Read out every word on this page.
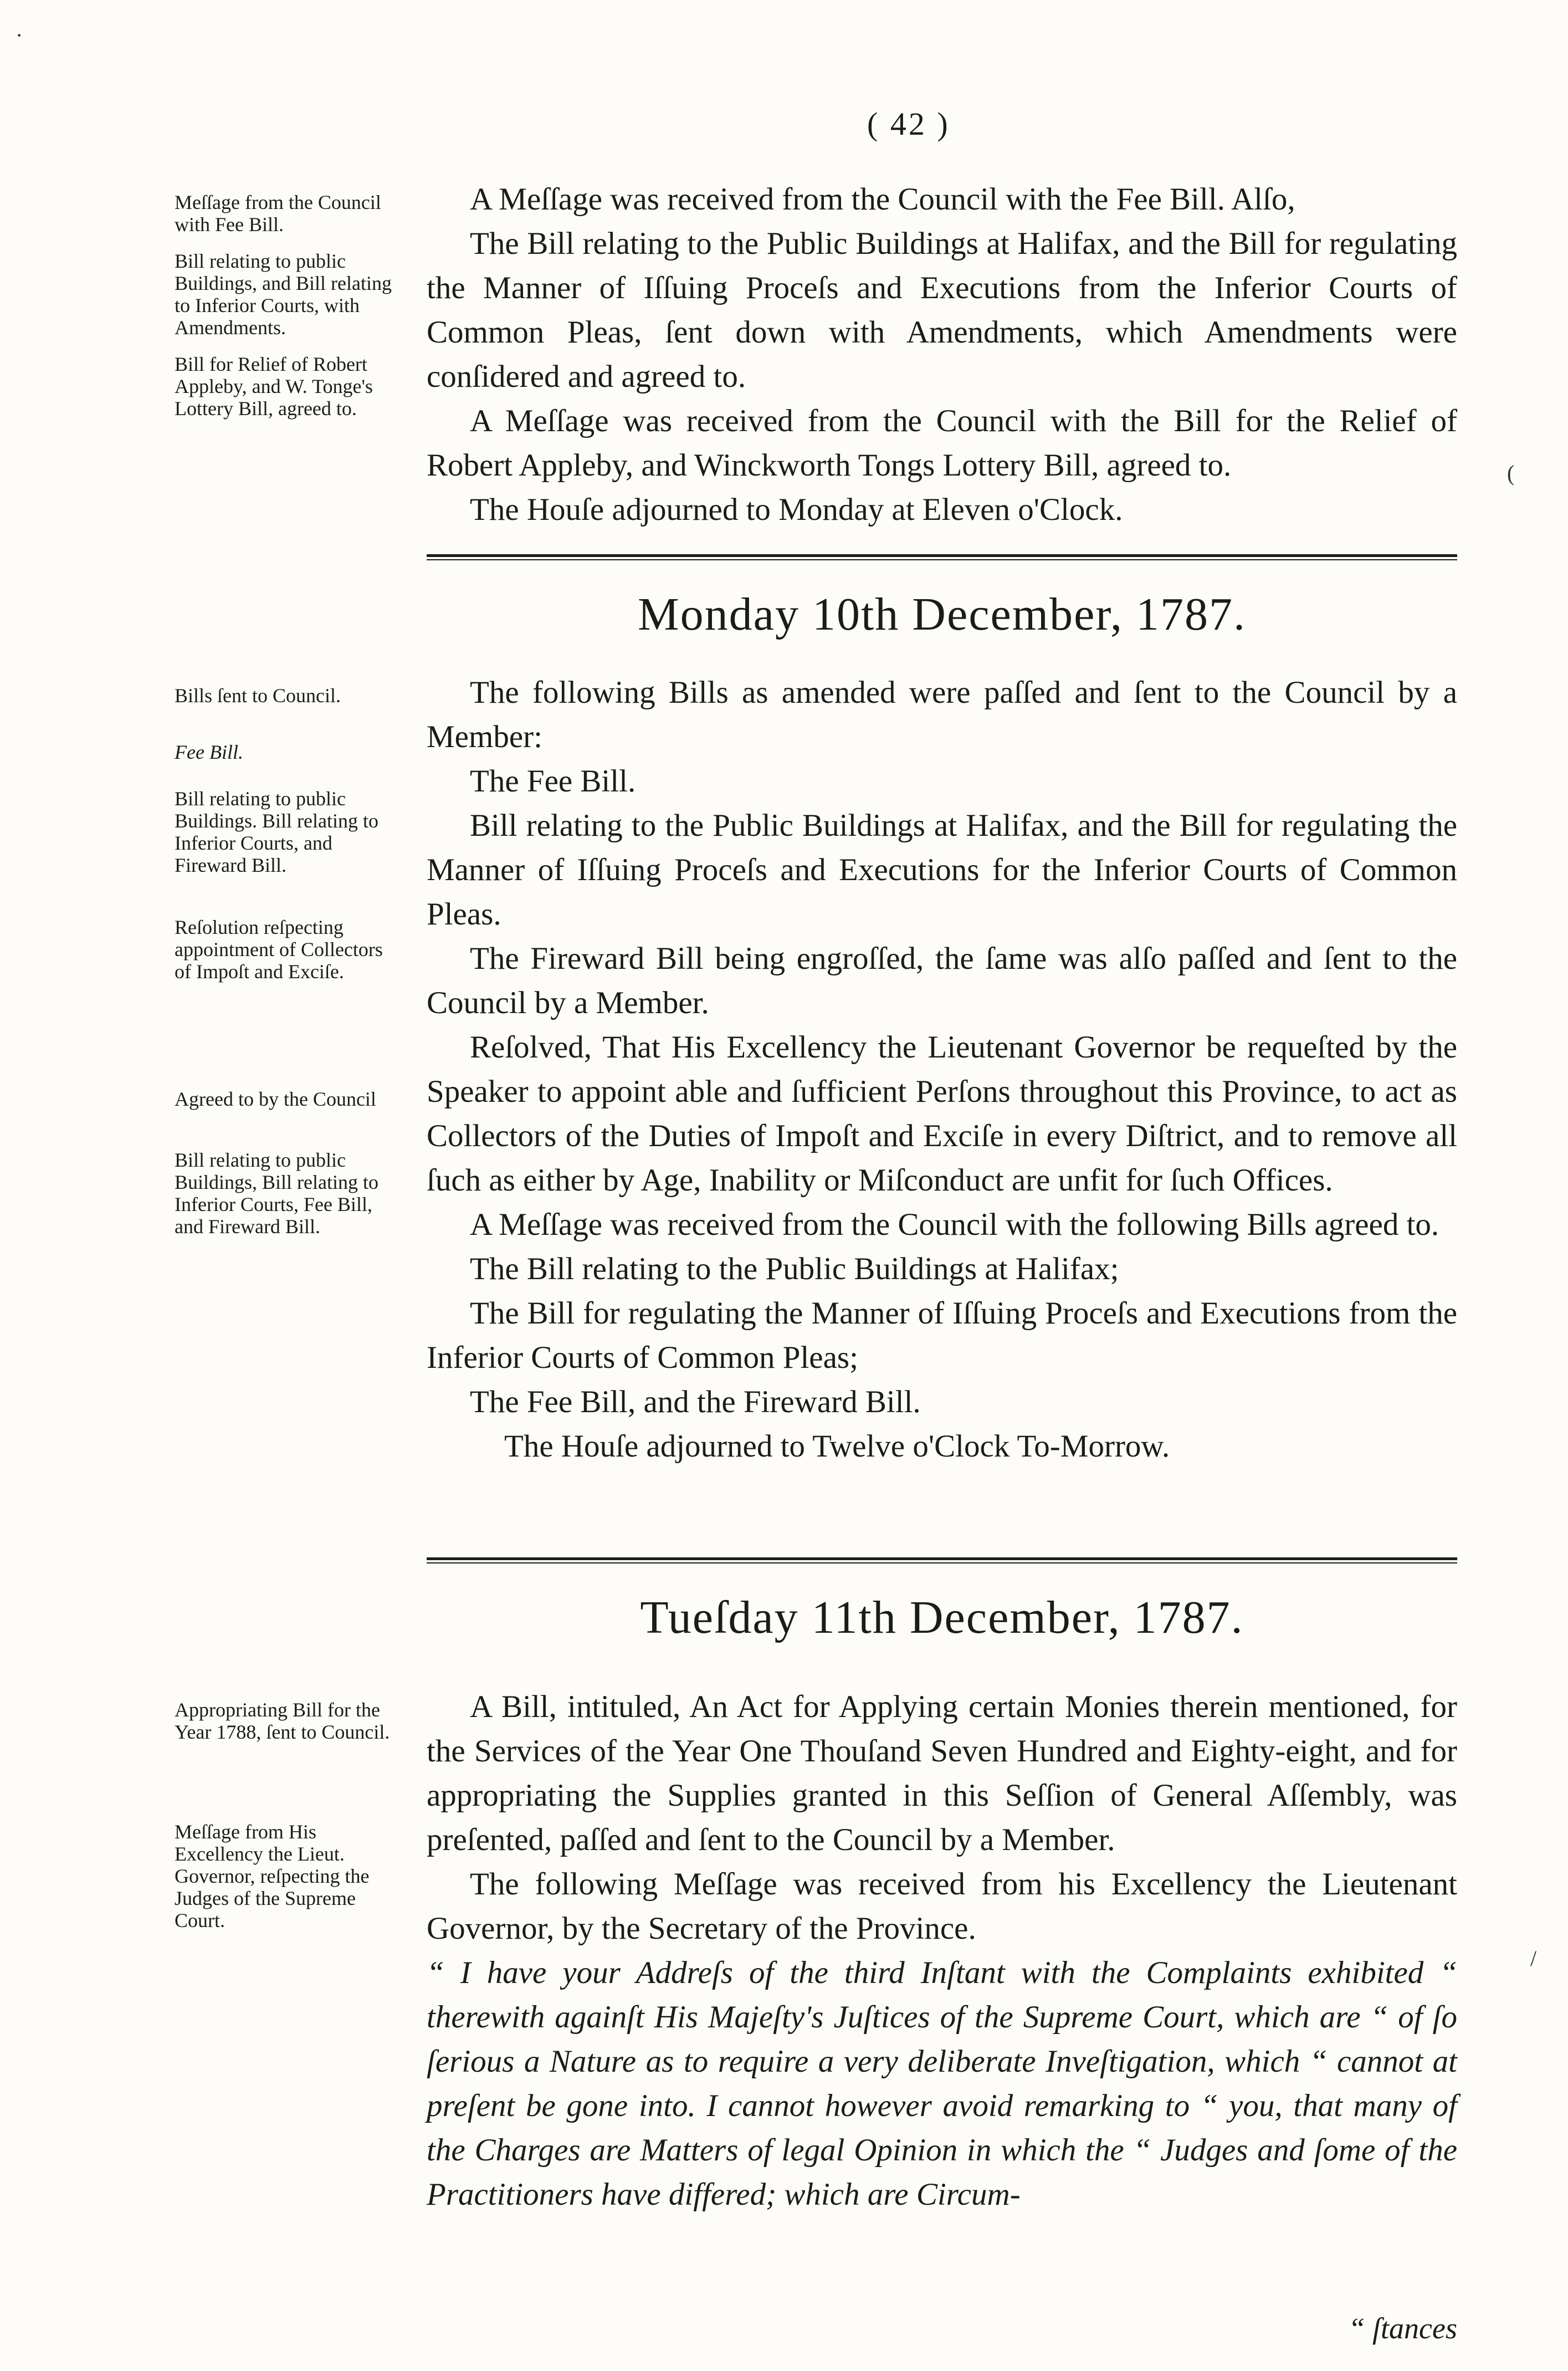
( 42 )

Meſſage from the Council with Fee Bill.

Bill relating to public Buildings, and Bill relating to Inferior Courts, with Amendments.

Bill for Relief of Robert Appleby, and W. Tonge's Lottery Bill, agreed to.

A Meſſage was received from the Council with the Fee Bill. Alſo,

The Bill relating to the Public Buildings at Halifax, and the Bill for regulating the Manner of Iſſuing Proceſs and Executions from the Inferior Courts of Common Pleas, ſent down with Amendments, which Amendments were conſidered and agreed to.

A Meſſage was received from the Council with the Bill for the Relief of Robert Appleby, and Winckworth Tongs Lottery Bill, agreed to.

The Houſe adjourned to Monday at Eleven o'Clock.

Monday 10th December, 1787.

Bills ſent to Council.

Fee Bill.

Bill relating to public Buildings. Bill relating to Inferior Courts, and Fireward Bill.

Reſolution reſpecting appointment of Collectors of Impoſt and Exciſe.

Agreed to by the Council

Bill relating to public Buildings, Bill relating to Inferior Courts, Fee Bill, and Fireward Bill.

The following Bills as amended were paſſed and ſent to the Council by a Member:

The Fee Bill.

Bill relating to the Public Buildings at Halifax, and the Bill for regulating the Manner of Iſſuing Proceſs and Executions for the Inferior Courts of Common Pleas.

The Fireward Bill being engroſſed, the ſame was alſo paſſed and ſent to the Council by a Member.

Reſolved, That His Excellency the Lieutenant Governor be requeſted by the Speaker to appoint able and ſufficient Perſons throughout this Province, to act as Collectors of the Duties of Impoſt and Exciſe in every Diſtrict, and to remove all ſuch as either by Age, Inability or Miſconduct are unfit for ſuch Offices.

A Meſſage was received from the Council with the following Bills agreed to.

The Bill relating to the Public Buildings at Halifax;

The Bill for regulating the Manner of Iſſuing Proceſs and Executions from the Inferior Courts of Common Pleas;

The Fee Bill, and the Fireward Bill.

The Houſe adjourned to Twelve o'Clock To-Morrow.

Tueſday 11th December, 1787.

Appropriating Bill for the Year 1788, ſent to Council.

Meſſage from His Excellency the Lieut. Governor, reſpecting the Judges of the Supreme Court.

A Bill, intituled, An Act for Applying certain Monies therein mentioned, for the Services of the Year One Thouſand Seven Hundred and Eighty-eight, and for appropriating the Supplies granted in this Seſſion of General Aſſembly, was preſented, paſſed and ſent to the Council by a Member.

The following Meſſage was received from his Excellency the Lieutenant Governor, by the Secretary of the Province.

“ I have your Addreſs of the third Inſtant with the Complaints exhibited “ therewith againſt His Majeſty's Juſtices of the Supreme Court, which are “ of ſo ſerious a Nature as to require a very deliberate Inveſtigation, which “ cannot at preſent be gone into. I cannot however avoid remarking to “ you, that many of the Charges are Matters of legal Opinion in which the “ Judges and ſome of the Practitioners have differed; which are Circum-

“ ſtances
·
(
/
